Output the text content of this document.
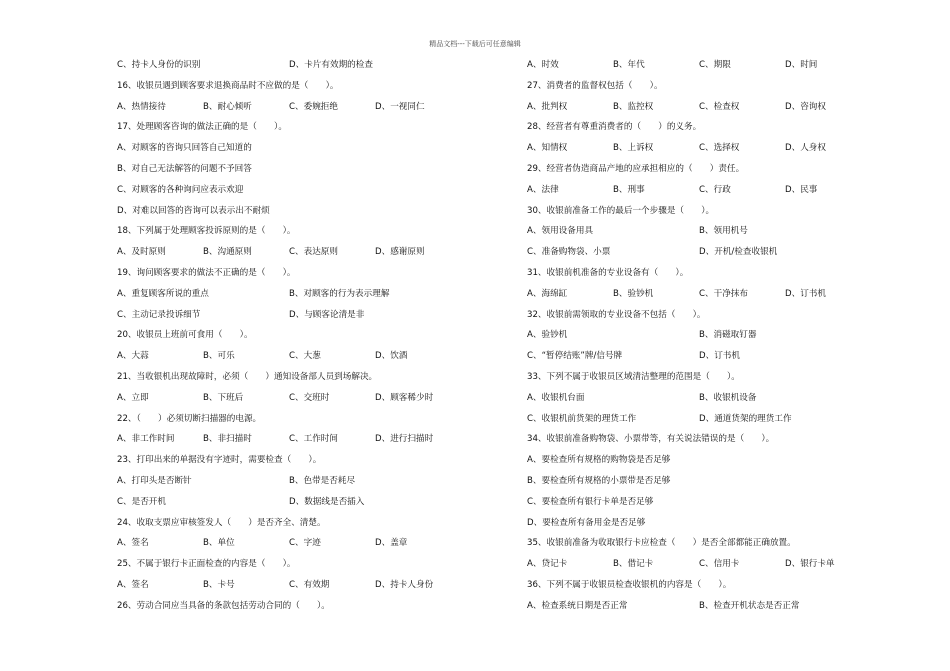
精品文档---下载后可任意编辑
C、持卡人身份的识别	D、卡片有效期的检查
16、收银员遇到顾客要求退换商品时不应做的是（　　）。
A、热情接待	B、耐心倾听	C、委婉拒绝	D、一视同仁
17、处理顾客咨询的做法正确的是（　　）。
A、对顾客的咨询只回答自己知道的
B、对自己无法解答的问题不予回答
C、对顾客的各种询问应表示欢迎
D、对难以回答的咨询可以表示出不耐烦
18、下列属于处理顾客投诉原则的是（　　）。
A、及时原则	B、沟通原则	C、表达原则	D、感谢原则
19、询问顾客要求的做法不正确的是（　　）。
A、重复顾客所说的重点	B、对顾客的行为表示理解
C、主动记录投诉细节	D、与顾客论清是非
20、收银员上班前可食用（　　）。
A、大蒜	B、可乐	C、大葱	D、饮酒
21、当收银机出现故障时，必须（　　）通知设备部人员到场解决。
A、立即	B、下班后	C、交班时	D、顾客稀少时
22、（　　）必须切断扫描器的电源。
A、非工作时间	B、非扫描时	C、工作时间	D、进行扫描时
23、打印出来的单据没有字迹时，需要检查（　　）。
A、打印头是否断针	B、色带是否耗尽
C、是否开机	D、数据线是否插入
24、收取支票应审核签发人（　　）是否齐全、清楚。
A、签名	B、单位	C、字迹	D、盖章
25、不属于银行卡正面检查的内容是（　　）。
A、签名	B、卡号	C、有效期	D、持卡人身份
26、劳动合同应当具备的条款包括劳动合同的（　　）。
A、时效	B、年代	C、期限	D、时间
27、消费者的监督权包括（　　）。
A、批判权	B、监控权	C、检查权	D、咨询权
28、经营者有尊重消费者的（　　）的义务。
A、知情权	B、上诉权	C、选择权	D、人身权
29、经营者伪造商品产地的应承担相应的（　　）责任。
A、法律	B、刑事	C、行政	D、民事
30、收银前准备工作的最后一个步骤是（　　）。
A、领用设备用具	B、领用机号
C、准备购物袋、小票	D、开机/检查收银机
31、收银前机准备的专业设备有（　　）。
A、海绵缸	B、验钞机	C、干净抹布	D、订书机
32、收银前需领取的专业设备不包括（　　）。
A、验钞机	B、消磁取钉器
C、“暂停结账”牌/信号牌	D、订书机
33、下列不属于收银员区域清洁整理的范围是（　　）。
A、收银机台面	B、收银机设备
C、收银机前货架的理货工作	D、通道货架的理货工作
34、收银前准备购物袋、小票带等，有关说法错误的是（　　）。
A、要检查所有规格的购物袋是否足够
B、要检查所有规格的小票带是否足够
C、要检查所有银行卡单是否足够
D、要检查所有备用金是否足够
35、收银前准备为收取银行卡应检查（　　）是否全部都能正确放置。
A、贷记卡	B、借记卡	C、信用卡	D、银行卡单
36、下列不属于收银员检查收银机的内容是（　　）。
A、检查系统日期是否正常	B、检查开机状态是否正常
